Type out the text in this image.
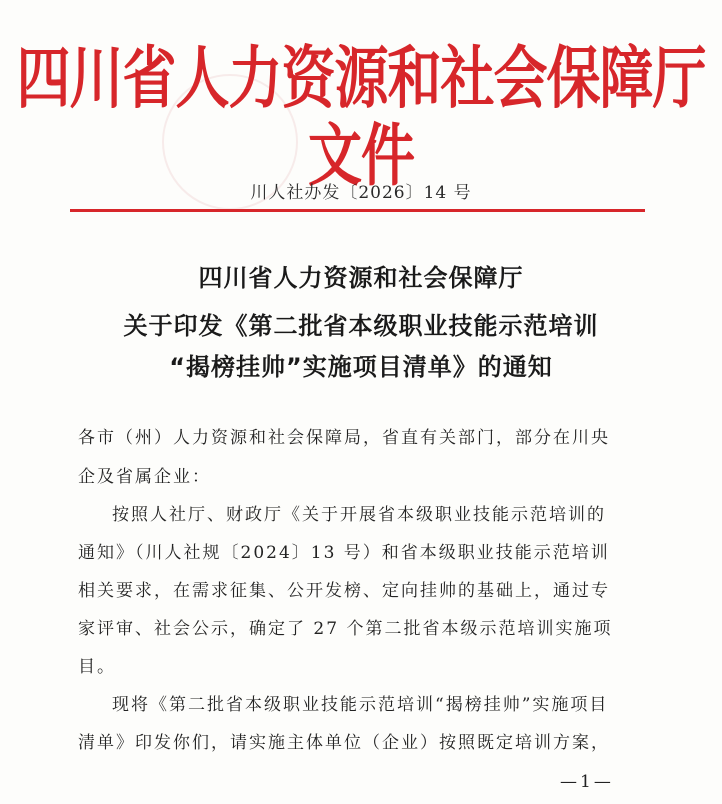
四川省人力资源和社会保障厅文件
川人社办发〔2026〕14 号
四川省人力资源和社会保障厅
关于印发《第二批省本级职业技能示范培训
“揭榜挂帅”实施项目清单》的通知
各市（州）人力资源和社会保障局，省直有关部门，部分在川央
企及省属企业：
按照人社厅、财政厅《关于开展省本级职业技能示范培训的
通知》（川人社规〔2024〕13 号）和省本级职业技能示范培训
相关要求，在需求征集、公开发榜、定向挂帅的基础上，通过专
家评审、社会公示，确定了 27 个第二批省本级示范培训实施项
目。
现将《第二批省本级职业技能示范培训“揭榜挂帅”实施项目
清单》印发你们，请实施主体单位（企业）按照既定培训方案，
—1—
